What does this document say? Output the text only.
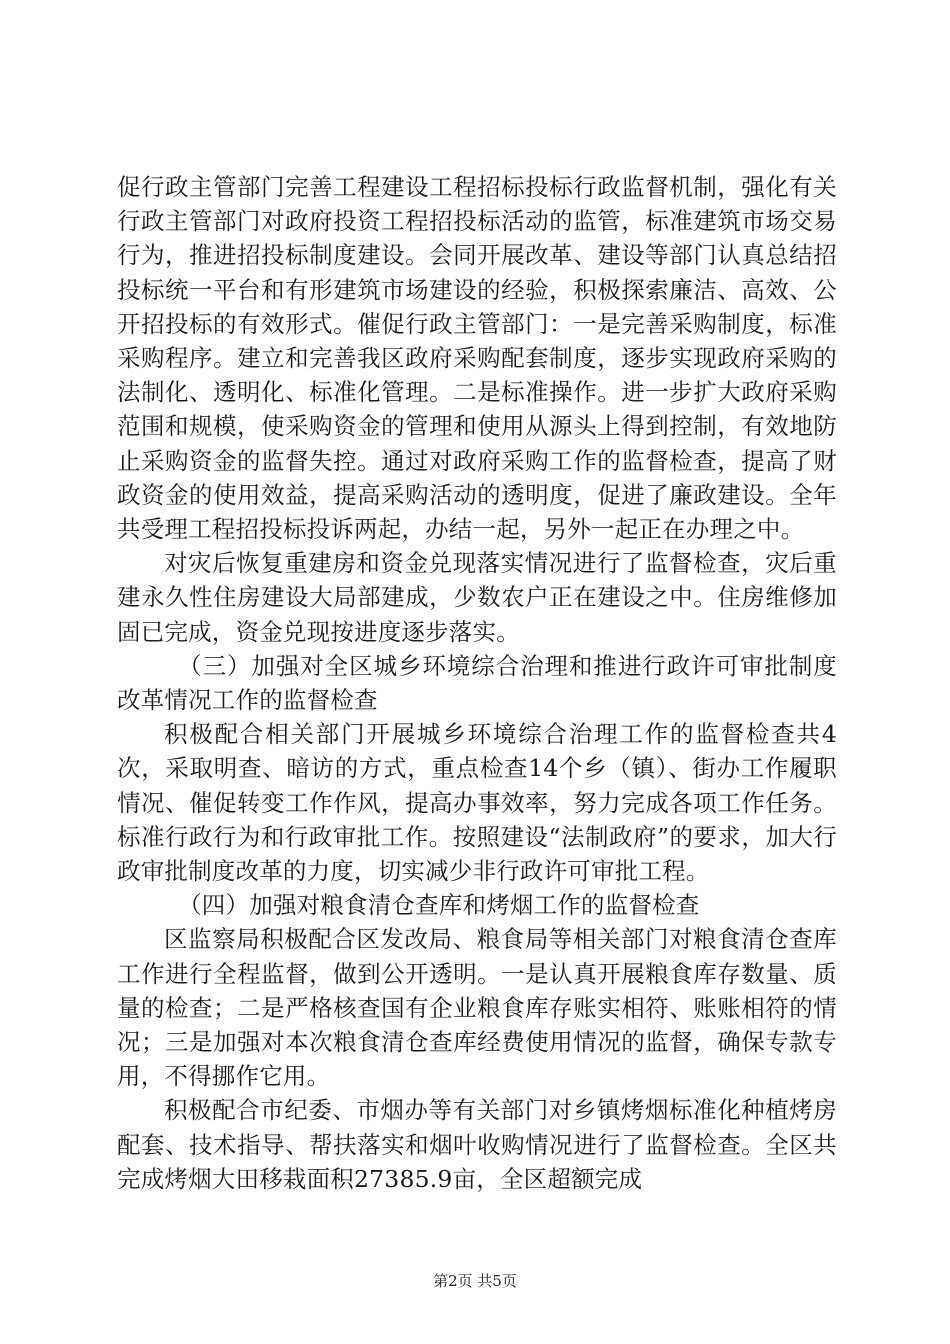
促行政主管部门完善工程建设工程招标投标行政监督机制，强化有关行政主管部门对政府投资工程招投标活动的监管，标准建筑市场交易行为，推进招投标制度建设。会同开展改革、建设等部门认真总结招投标统一平台和有形建筑市场建设的经验，积极探索廉洁、高效、公开招投标的有效形式。催促行政主管部门：一是完善采购制度，标准采购程序。建立和完善我区政府采购配套制度，逐步实现政府采购的法制化、透明化、标准化管理。二是标准操作。进一步扩大政府采购范围和规模，使采购资金的管理和使用从源头上得到控制，有效地防止采购资金的监督失控。通过对政府采购工作的监督检查，提高了财政资金的使用效益，提高采购活动的透明度，促进了廉政建设。全年共受理工程招投标投诉两起，办结一起，另外一起正在办理之中。

对灾后恢复重建房和资金兑现落实情况进行了监督检查，灾后重建永久性住房建设大局部建成，少数农户正在建设之中。住房维修加固已完成，资金兑现按进度逐步落实。

（三）加强对全区城乡环境综合治理和推进行政许可审批制度改革情况工作的监督检查

积极配合相关部门开展城乡环境综合治理工作的监督检查共4次，采取明查、暗访的方式，重点检查14个乡（镇）、街办工作履职情况、催促转变工作作风，提高办事效率，努力完成各项工作任务。标准行政行为和行政审批工作。按照建设“法制政府”的要求，加大行政审批制度改革的力度，切实减少非行政许可审批工程。

（四）加强对粮食清仓查库和烤烟工作的监督检查

区监察局积极配合区发改局、粮食局等相关部门对粮食清仓查库工作进行全程监督，做到公开透明。一是认真开展粮食库存数量、质量的检查；二是严格核查国有企业粮食库存账实相符、账账相符的情况；三是加强对本次粮食清仓查库经费使用情况的监督，确保专款专用，不得挪作它用。

积极配合市纪委、市烟办等有关部门对乡镇烤烟标准化种植烤房配套、技术指导、帮扶落实和烟叶收购情况进行了监督检查。全区共完成烤烟大田移栽面积27385.9亩，全区超额完成

第2页 共5页
